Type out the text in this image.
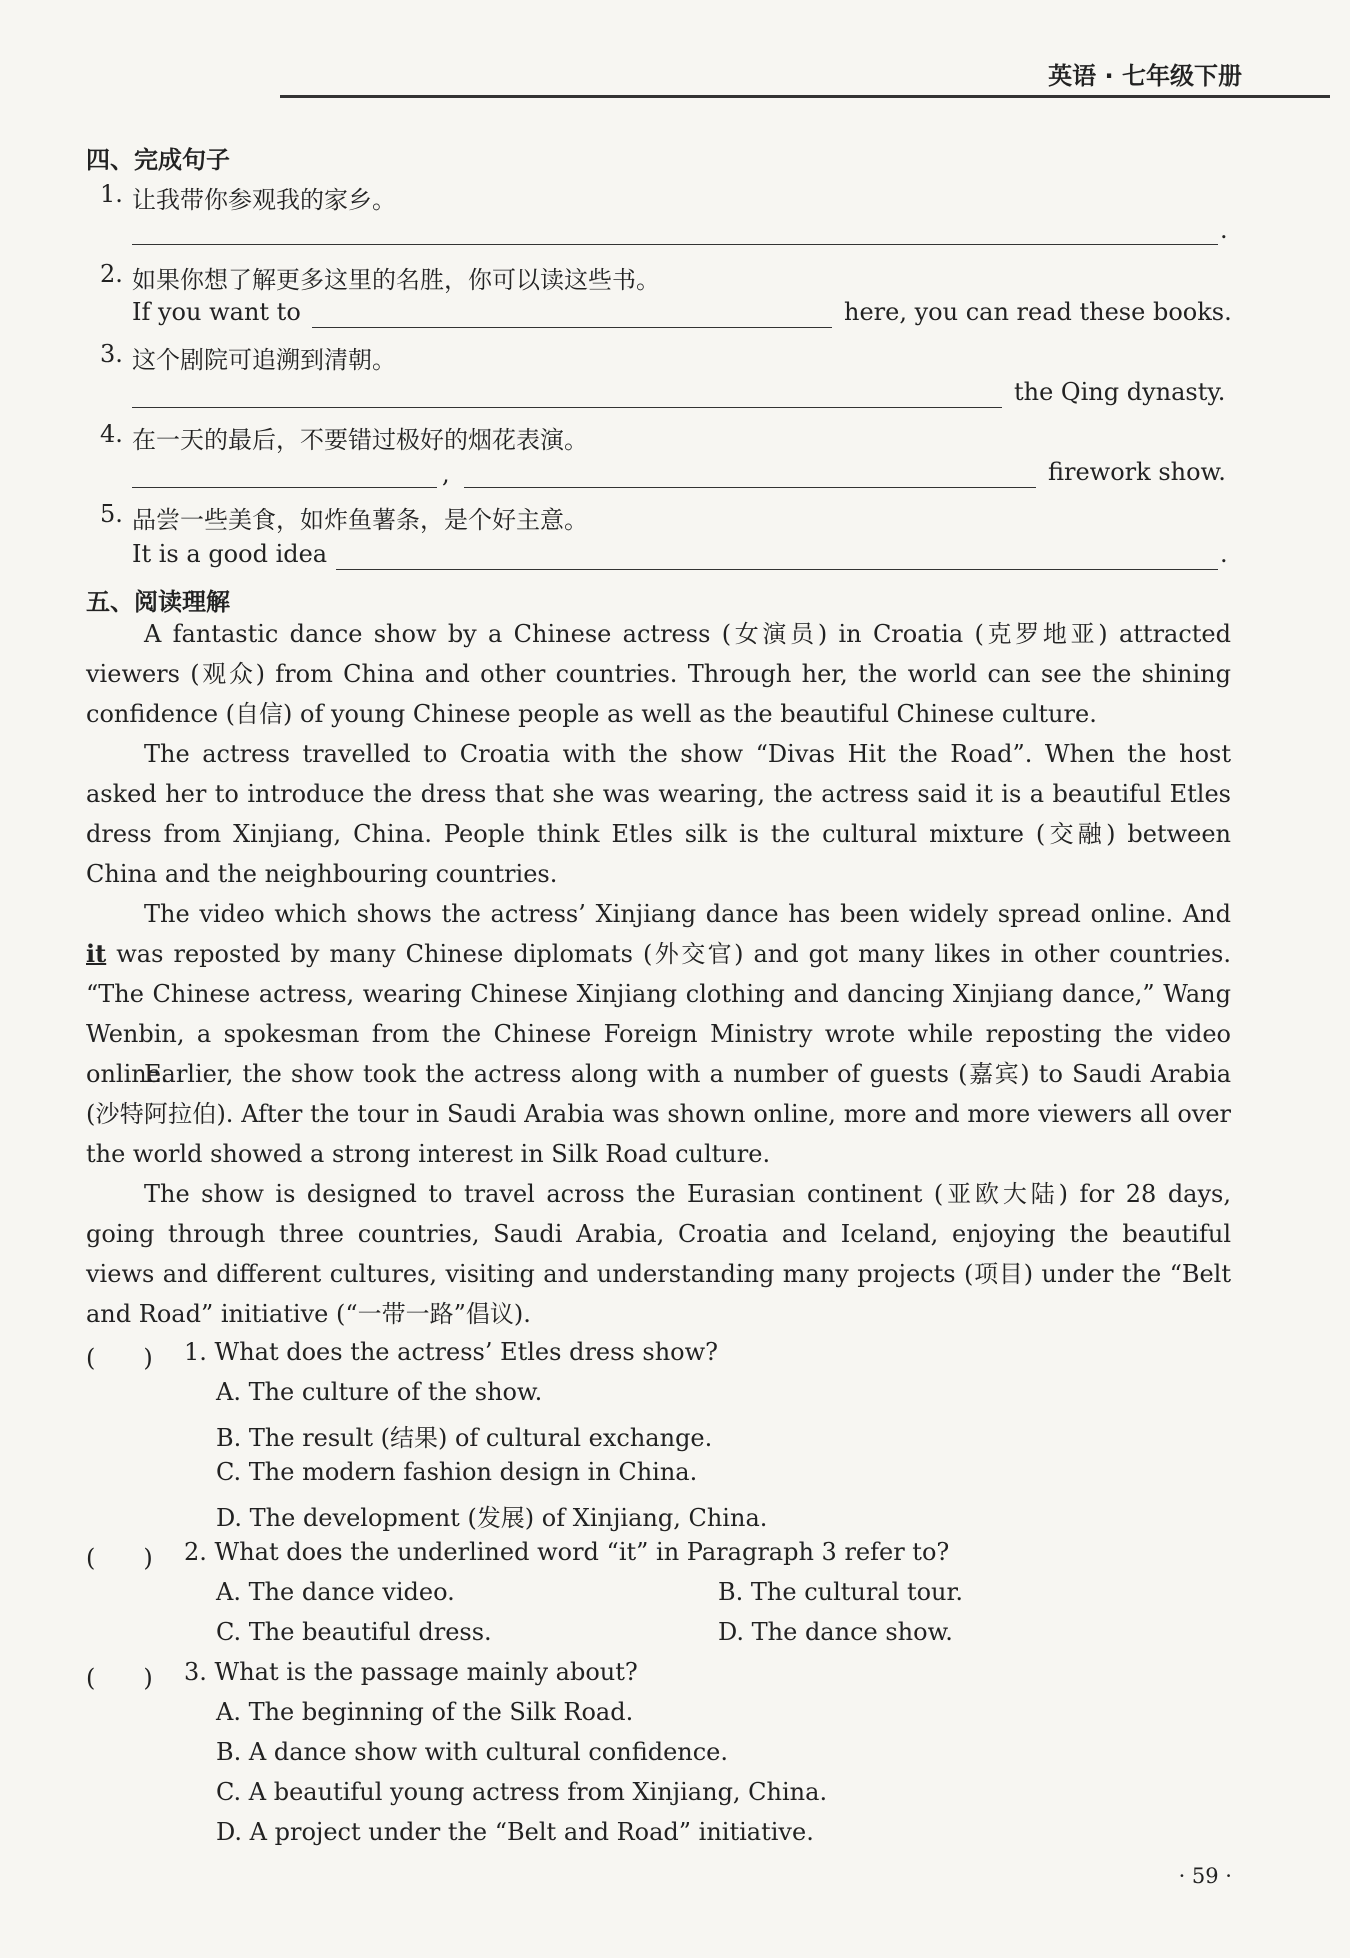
英语 · 七年级下册
四、完成句子
1. 让我带你参观我的家乡。
.
2. 如果你想了解更多这里的名胜，你可以读这些书。
If you want to	here, you can read these books.
3. 这个剧院可追溯到清朝。
the Qing dynasty.
4. 在一天的最后，不要错过极好的烟花表演。
,	firework show.
5. 品尝一些美食，如炸鱼薯条，是个好主意。
It is a good idea	.
五、阅读理解

A fantastic dance show by a Chinese actress (女演员) in Croatia (克罗地亚) attracted viewers (观众) from China and other countries. Through her, the world can see the shining confidence (自信) of young Chinese people as well as the beautiful Chinese culture.

The actress travelled to Croatia with the show “Divas Hit the Road”. When the host asked her to introduce the dress that she was wearing, the actress said it is a beautiful Etles dress from Xinjiang, China. People think Etles silk is the cultural mixture (交融) between China and the neighbouring countries.

The video which shows the actress’ Xinjiang dance has been widely spread online. And it was reposted by many Chinese diplomats (外交官) and got many likes in other countries. “The Chinese actress, wearing Chinese Xinjiang clothing and dancing Xinjiang dance,” Wang Wenbin, a spokesman from the Chinese Foreign Ministry wrote while reposting the video online.

Earlier, the show took the actress along with a number of guests (嘉宾) to Saudi Arabia (沙特阿拉伯). After the tour in Saudi Arabia was shown online, more and more viewers all over the world showed a strong interest in Silk Road culture.

The show is designed to travel across the Eurasian continent (亚欧大陆) for 28 days, going through three countries, Saudi Arabia, Croatia and Iceland, enjoying the beautiful views and different cultures, visiting and understanding many projects (项目) under the “Belt and Road” initiative (“一带一路”倡议).

(　　) 1. What does the actress’ Etles dress show?
A. The culture of the show.
B. The result (结果) of cultural exchange.
C. The modern fashion design in China.
D. The development (发展) of Xinjiang, China.
(　　) 2. What does the underlined word “it” in Paragraph 3 refer to?
A. The dance video.	B. The cultural tour.
C. The beautiful dress.	D. The dance show.
(　　) 3. What is the passage mainly about?
A. The beginning of the Silk Road.
B. A dance show with cultural confidence.
C. A beautiful young actress from Xinjiang, China.
D. A project under the “Belt and Road” initiative.
· 59 ·
